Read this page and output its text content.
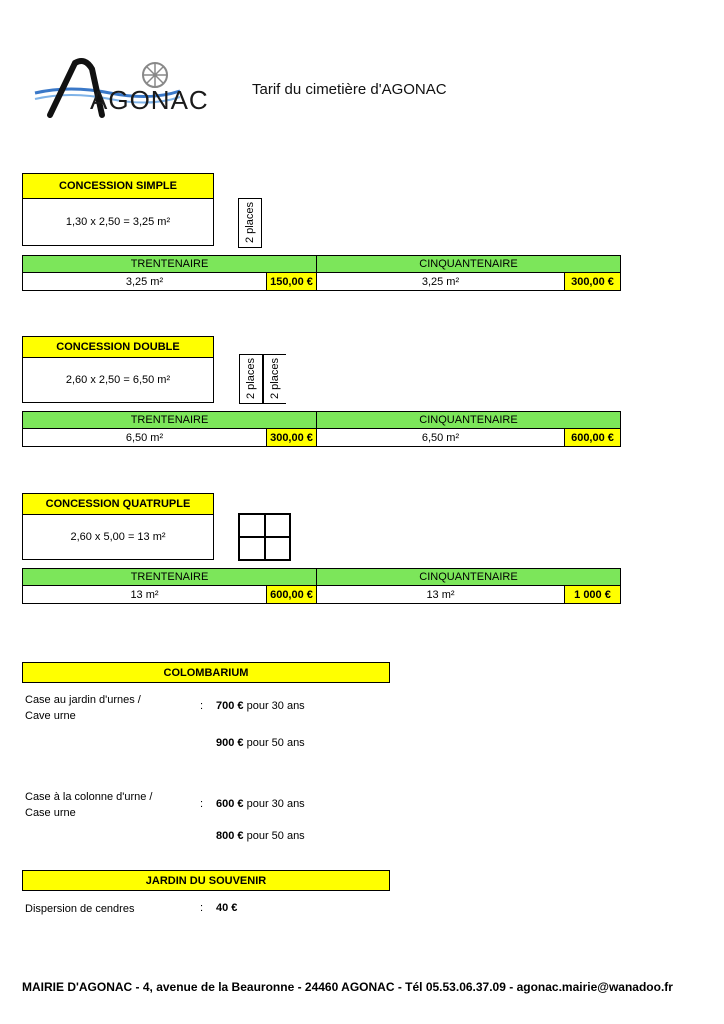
AGONAC	Tarif du cimetière d'AGONAC
CONCESSION SIMPLE
1,30 x 2,50 = 3,25 m²	2 places
TRENTENAIRE	CINQUANTENAIRE
3,25 m²	150,00 €	3,25 m²	300,00 €
CONCESSION DOUBLE
2,60 x 2,50 = 6,50 m²	2 places	2 places
TRENTENAIRE	CINQUANTENAIRE
6,50 m²	300,00 €	6,50 m²	600,00 €
CONCESSION QUATRUPLE
2,60 x 5,00 = 13 m²
TRENTENAIRE	CINQUANTENAIRE
13 m²	600,00 €	13 m²	1 000 €
COLOMBARIUM
Case au jardin d'urnes /
Cave urne
: 700 € pour 30 ans
900 € pour 50 ans
Case à la colonne d'urne /
Case urne
: 600 € pour 30 ans
800 € pour 50 ans
JARDIN DU SOUVENIR
Dispersion de cendres	: 40 €
MAIRIE D'AGONAC - 4, avenue de la Beauronne - 24460 AGONAC - Tél 05.53.06.37.09 - agonac.mairie@wanadoo.fr
